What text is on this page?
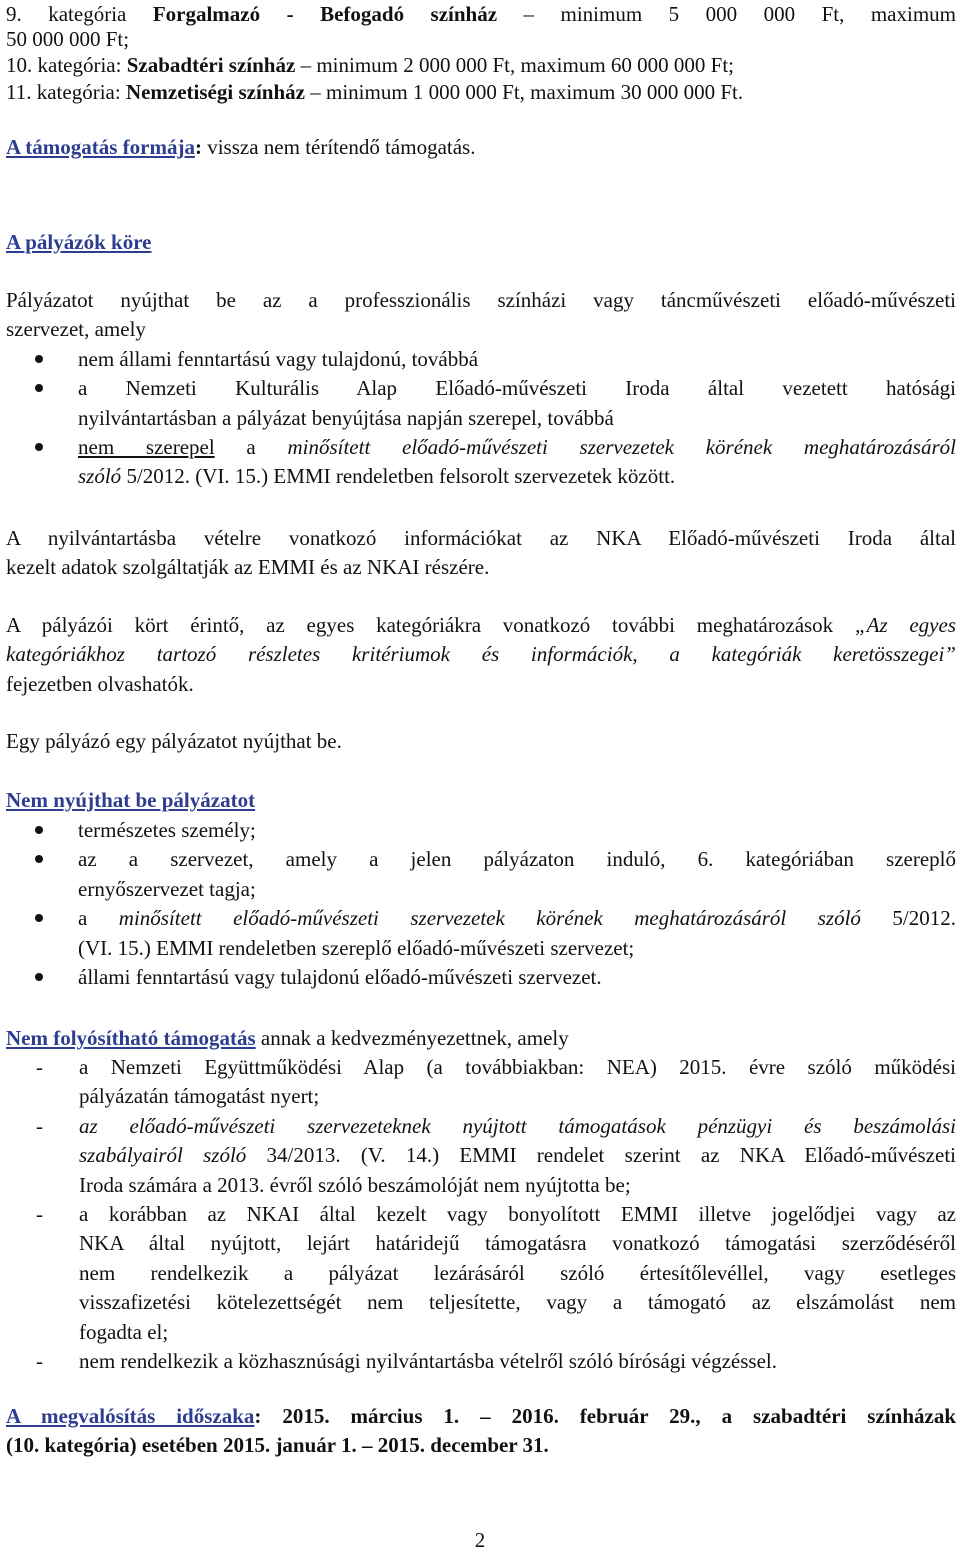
9. kategória Forgalmazó - Befogadó színház – minimum 5 000 000 Ft, maximum

50 000 000 Ft;

10. kategória: Szabadtéri színház – minimum 2 000 000 Ft, maximum 60 000 000 Ft;

11. kategória: Nemzetiségi színház – minimum 1 000 000 Ft, maximum 30 000 000 Ft.

A támogatás formája: vissza nem térítendő támogatás.

A pályázók köre

Pályázatot nyújthat be az a professzionális színházi vagy táncművészeti előadó-művészeti

szervezet, amely

nem állami fenntartású vagy tulajdonú, továbbá
a Nemzeti Kulturális Alap Előadó-művészeti Iroda által vezetett hatósági
nyilvántartásban a pályázat benyújtása napján szerepel, továbbá
nem szerepel a minősített előadó-művészeti szervezetek körének meghatározásáról
szóló 5/2012. (VI. 15.) EMMI rendeletben felsorolt szervezetek között.

A nyilvántartásba vételre vonatkozó információkat az NKA Előadó-művészeti Iroda által

kezelt adatok szolgáltatják az EMMI és az NKAI részére.

A pályázói kört érintő, az egyes kategóriákra vonatkozó további meghatározások „Az egyes

kategóriákhoz tartozó részletes kritériumok és információk, a kategóriák keretösszegei”

fejezetben olvashatók.

Egy pályázó egy pályázatot nyújthat be.

Nem nyújthat be pályázatot

természetes személy;
az a szervezet, amely a jelen pályázaton induló, 6. kategóriában szereplő
ernyőszervezet tagja;
a minősített előadó-művészeti szervezetek körének meghatározásáról szóló 5/2012.
(VI. 15.) EMMI rendeletben szereplő előadó-művészeti szervezet;
állami fenntartású vagy tulajdonú előadó-művészeti szervezet.

Nem folyósítható támogatás annak a kedvezményezettnek, amely

- a Nemzeti Együttműködési Alap (a továbbiakban: NEA) 2015. évre szóló működési
pályázatán támogatást nyert;
- az előadó-művészeti szervezeteknek nyújtott támogatások pénzügyi és beszámolási
szabályairól szóló 34/2013. (V. 14.) EMMI rendelet szerint az NKA Előadó-művészeti
Iroda számára a 2013. évről szóló beszámolóját nem nyújtotta be;
- a korábban az NKAI által kezelt vagy bonyolított EMMI illetve jogelődjei vagy az
NKA által nyújtott, lejárt határidejű támogatásra vonatkozó támogatási szerződéséről
nem rendelkezik a pályázat lezárásáról szóló értesítőlevéllel, vagy esetleges
visszafizetési kötelezettségét nem teljesítette, vagy a támogató az elszámolást nem
fogadta el;
- nem rendelkezik a közhasznúsági nyilvántartásba vételről szóló bírósági végzéssel.

A megvalósítás időszaka: 2015. március 1. – 2016. február 29., a szabadtéri színházak

(10. kategória) esetében 2015. január 1. – 2015. december 31.

2
